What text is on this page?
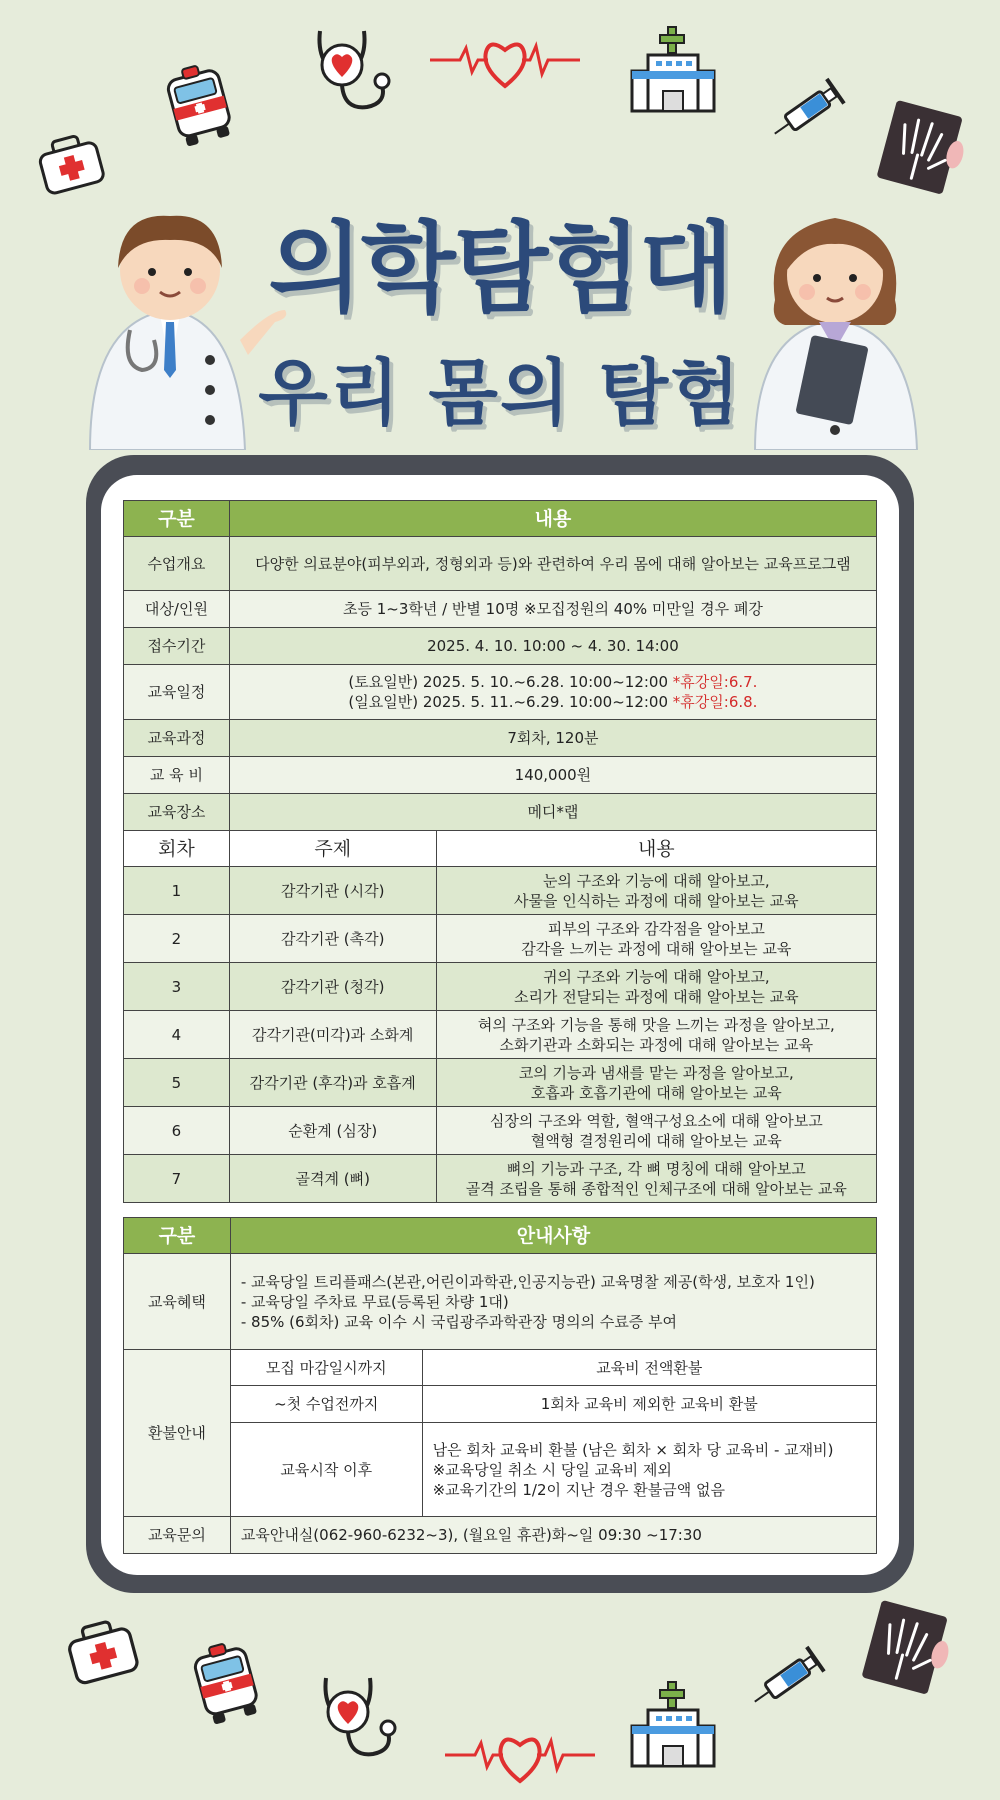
의학탐험대
우리 몸의 탐험
구분	내용	
수업개요	다양한 의료분야(피부외과, 정형외과 등)와 관련하여 우리 몸에 대해 알아보는 교육프로그램	
대상/인원	초등 1~3학년 / 반별 10명 ※모집정원의 40% 미만일 경우 폐강	
접수기간	2025. 4. 10. 10:00 ~ 4. 30. 14:00	
교육일정	(토요일반) 2025. 5. 10.~6.28. 10:00~12:00 *휴강일:6.7.
(일요일반) 2025. 5. 11.~6.29. 10:00~12:00 *휴강일:6.8.	

교육과정	7회차, 120분	
교 육 비	140,000원	
교육장소	메디*랩	
회차	주제	내용
1	감각기관 (시각)	눈의 구조와 기능에 대해 알아보고,
사물을 인식하는 과정에 대해 알아보는 교육

2	감각기관 (촉각)	피부의 구조와 감각점을 알아보고
감각을 느끼는 과정에 대해 알아보는 교육

3	감각기관 (청각)	귀의 구조와 기능에 대해 알아보고,
소리가 전달되는 과정에 대해 알아보는 교육

4	감각기관(미각)과 소화계	혀의 구조와 기능을 통해 맛을 느끼는 과정을 알아보고,
소화기관과 소화되는 과정에 대해 알아보는 교육

5	감각기관 (후각)과 호흡계	코의 기능과 냄새를 맡는 과정을 알아보고,
호흡과 호흡기관에 대해 알아보는 교육

6	순환계 (심장)	심장의 구조와 역할, 혈액구성요소에 대해 알아보고
혈액형 결정원리에 대해 알아보는 교육

7	골격계 (뼈)	뼈의 기능과 구조, 각 뼈 명칭에 대해 알아보고
골격 조립을 통해 종합적인 인체구조에 대해 알아보는 교육
구분	안내사항	
교육혜택	- 교육당일 트리플패스(본관,어린이과학관,인공지능관) 교육명찰 제공(학생, 보호자 1인)
- 교육당일 주차료 무료(등록된 차량 1대)
- 85% (6회차) 교육 이수 시 국립광주과학관장 명의의 수료증 부여	

환불안내	모집 마감일시까지	교육비 전액환불
	~첫 수업전까지	1회차 교육비 제외한 교육비 환불
	교육시작 이후	남은 회차 교육비 환불 (남은 회차 × 회차 당 교육비 - 교재비)
※교육당일 취소 시 당일 교육비 제외
※교육기간의 1/2이 지난 경우 환불금액 없음

교육문의	교육안내실(062-960-6232~3), (월요일 휴관)화~일 09:30 ~17:30	
